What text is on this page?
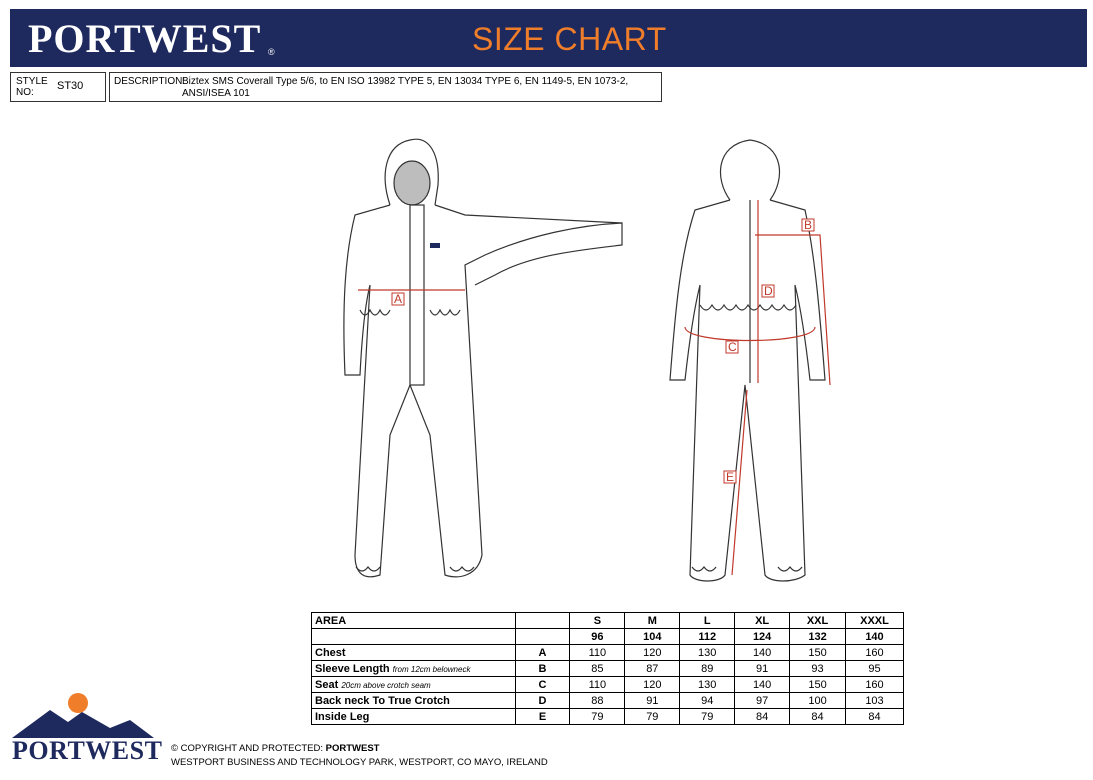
PORTWEST ®	SIZE CHART
STYLE NO:
ST30	DESCRIPTION:
Biztex SMS Coverall Type 5/6, to EN ISO 13982 TYPE 5, EN 13034 TYPE 6, EN 1149-5, EN 1073-2, ANSI/ISEA 101
A
B
C
D
E
AREA		S	M	L	XL	XXL	XXXL
		96	104	112	124	132	140
Chest	A	110	120	130	140	150	160
Sleeve Length from 12cm belowneck	B	85	87	89	91	93	95
Seat 20cm above crotch seam	C	110	120	130	140	150	160
Back neck To True Crotch	D	88	91	94	97	100	103
Inside Leg	E	79	79	79	84	84	84
PORTWEST © COPYRIGHT AND PROTECTED: PORTWEST
WESTPORT BUSINESS AND TECHNOLOGY PARK, WESTPORT, CO MAYO, IRELAND
